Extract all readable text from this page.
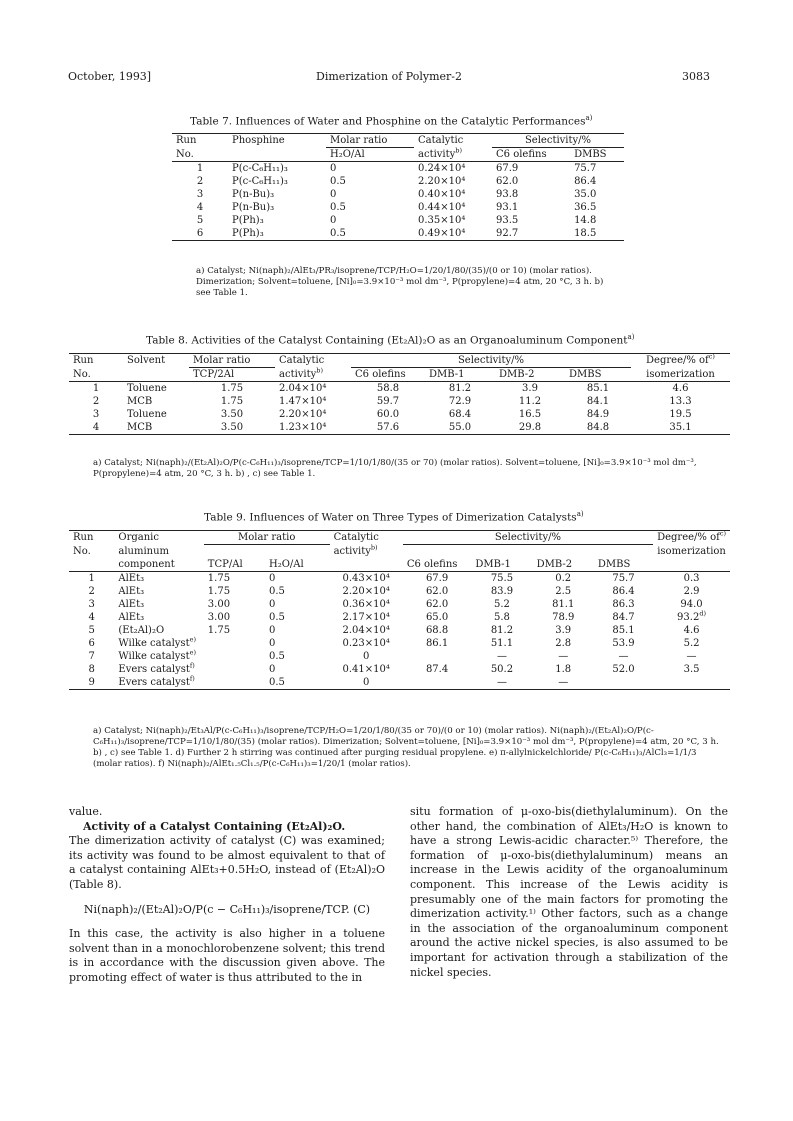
October, 1993]	Dimerization of Polymer-2	3083
Table 7. Influences of Water and Phosphine on the Catalytic Performances$^{a)}$
Run	Phosphine	Molar ratio	Catalytic	Selectivity/%	
No.		H₂O/Al	activity$^{b)}$	C6 olefins	DMBS
1	P(c-C₆H₁₁)₃	0	0.24×10⁴	67.9	75.7
2	P(c-C₆H₁₁)₃	0.5	2.20×10⁴	62.0	86.4
3	P(n-Bu)₃	0	0.40×10⁴	93.8	35.0
4	P(n-Bu)₃	0.5	0.44×10⁴	93.1	36.5
5	P(Ph)₃	0	0.35×10⁴	93.5	14.8
6	P(Ph)₃	0.5	0.49×10⁴	92.7	18.5

a) Catalyst; Ni(naph)₂/AlEt₃/PR₃/isoprene/TCP/H₂O=1/20/1/80/(35)/(0 or 10) (molar ratios). Dimerization; Solvent=toluene, [Ni]₀=3.9×10⁻³ mol dm⁻³, P(propylene)=4 atm, 20 °C, 3 h. b) see Table 1.

Table 8. Activities of the Catalyst Containing (Et₂Al)₂O as an Organoaluminum Component$^{a)}$
Run	Solvent	Molar ratio	Catalytic	Selectivity/%				Degree/% $of^{c)}$
No.		TCP/2Al	activity$^{b)}$	C6 olefins	DMB-1	DMB-2	DMBS	isomerization
1	Toluene	1.75	2.04×10⁴	58.8	81.2	3.9	85.1	4.6
2	MCB	1.75	1.47×10⁴	59.7	72.9	11.2	84.1	13.3
3	Toluene	3.50	2.20×10⁴	60.0	68.4	16.5	84.9	19.5
4	MCB	3.50	1.23×10⁴	57.6	55.0	29.8	84.8	35.1

a) Catalyst; Ni(naph)₂/(Et₂Al)₂O/P(c-C₆H₁₁)₃/isoprene/TCP=1/10/1/80/(35 or 70) (molar ratios). Solvent=toluene, [Ni]₀=3.9×10⁻³ mol dm⁻³, P(propylene)=4 atm, 20 °C, 3 h. b) , c) see Table 1.

Table 9. Influences of Water on Three Types of Dimerization Catalysts$^{a)}$
Run	Organic	Molar ratio		Catalytic	Selectivity/%				Degree/% $of^{c)}$
No.	aluminum			activity$^{b)}$					isomerization
	component	TCP/Al	H₂O/Al		C6 olefins	DMB-1	DMB-2	DMBS	
1	AlEt₃	1.75	0	0.43×10⁴	67.9	75.5	0.2	75.7	0.3
2	AlEt₃	1.75	0.5	2.20×10⁴	62.0	83.9	2.5	86.4	2.9
3	AlEt₃	3.00	0	0.36×10⁴	62.0	5.2	81.1	86.3	94.0
4	AlEt₃	3.00	0.5	2.17×10⁴	65.0	5.8	78.9	84.7	93.2$^{d)}$
5	(Et₂Al)₂O	1.75	0	2.04×10⁴	68.8	81.2	3.9	85.1	4.6
6	Wilke catalyst$^{e)}$		0	0.23×10⁴	86.1	51.1	2.8	53.9	5.2
7	Wilke catalyst$^{e)}$		0.5	0		—	—	—	—
8	Evers catalyst$^{f)}$		0	0.41×10⁴	87.4	50.2	1.8	52.0	3.5
9	Evers catalyst$^{f)}$		0.5	0		—	—		

a) Catalyst; Ni(naph)₂/Et₃Al/P(c-C₆H₁₁)₃/isoprene/TCP/H₂O=1/20/1/80/(35 or 70)/(0 or 10) (molar ratios). Ni(naph)₂/(Et₂Al)₂O/P(c-C₆H₁₁)₃/isoprene/TCP=1/10/1/80/(35) (molar ratios). Dimerization; Solvent=toluene, [Ni]₀=3.9×10⁻³ mol dm⁻³, P(propylene)=4 atm, 20 °C, 3 h. b) , c) see Table 1. d) Further 2 h stirring was continued after purging residual propylene. e) π-allylnickelchloride/ P(c-C₆H₁₁)₃/AlCl₃=1/1/3 (molar ratios). f) Ni(naph)₂/AlEt₁.₅Cl₁.₅/P(c-C₆H₁₁)₃=1/20/1 (molar ratios).

value.

Activity of a Catalyst Containing (Et₂Al)₂O.

The dimerization activity of catalyst (C) was examined; its activity was found to be almost equivalent to that of a catalyst containing AlEt₃+0.5H₂O, instead of (Et₂Al)₂O (Table 8).

Ni(naph)₂/(Et₂Al)₂O/P(c − C₆H₁₁)₃/isoprene/TCP. (C)

In this case, the activity is also higher in a toluene solvent than in a monochlorobenzene solvent; this trend is in accordance with the discussion given above. The promoting effect of water is thus attributed to the in

situ formation of μ-oxo-bis(diethylaluminum). On the other hand, the combination of AlEt₃/H₂O is known to have a strong Lewis-acidic character.⁵⁾ Therefore, the formation of μ-oxo-bis(diethylaluminum) means an increase in the Lewis acidity of the organoaluminum component. This increase of the Lewis acidity is presumably one of the main factors for promoting the dimerization activity.¹⁾ Other factors, such as a change in the association of the organoaluminum component around the active nickel species, is also assumed to be important for activation through a stabilization of the nickel species.
